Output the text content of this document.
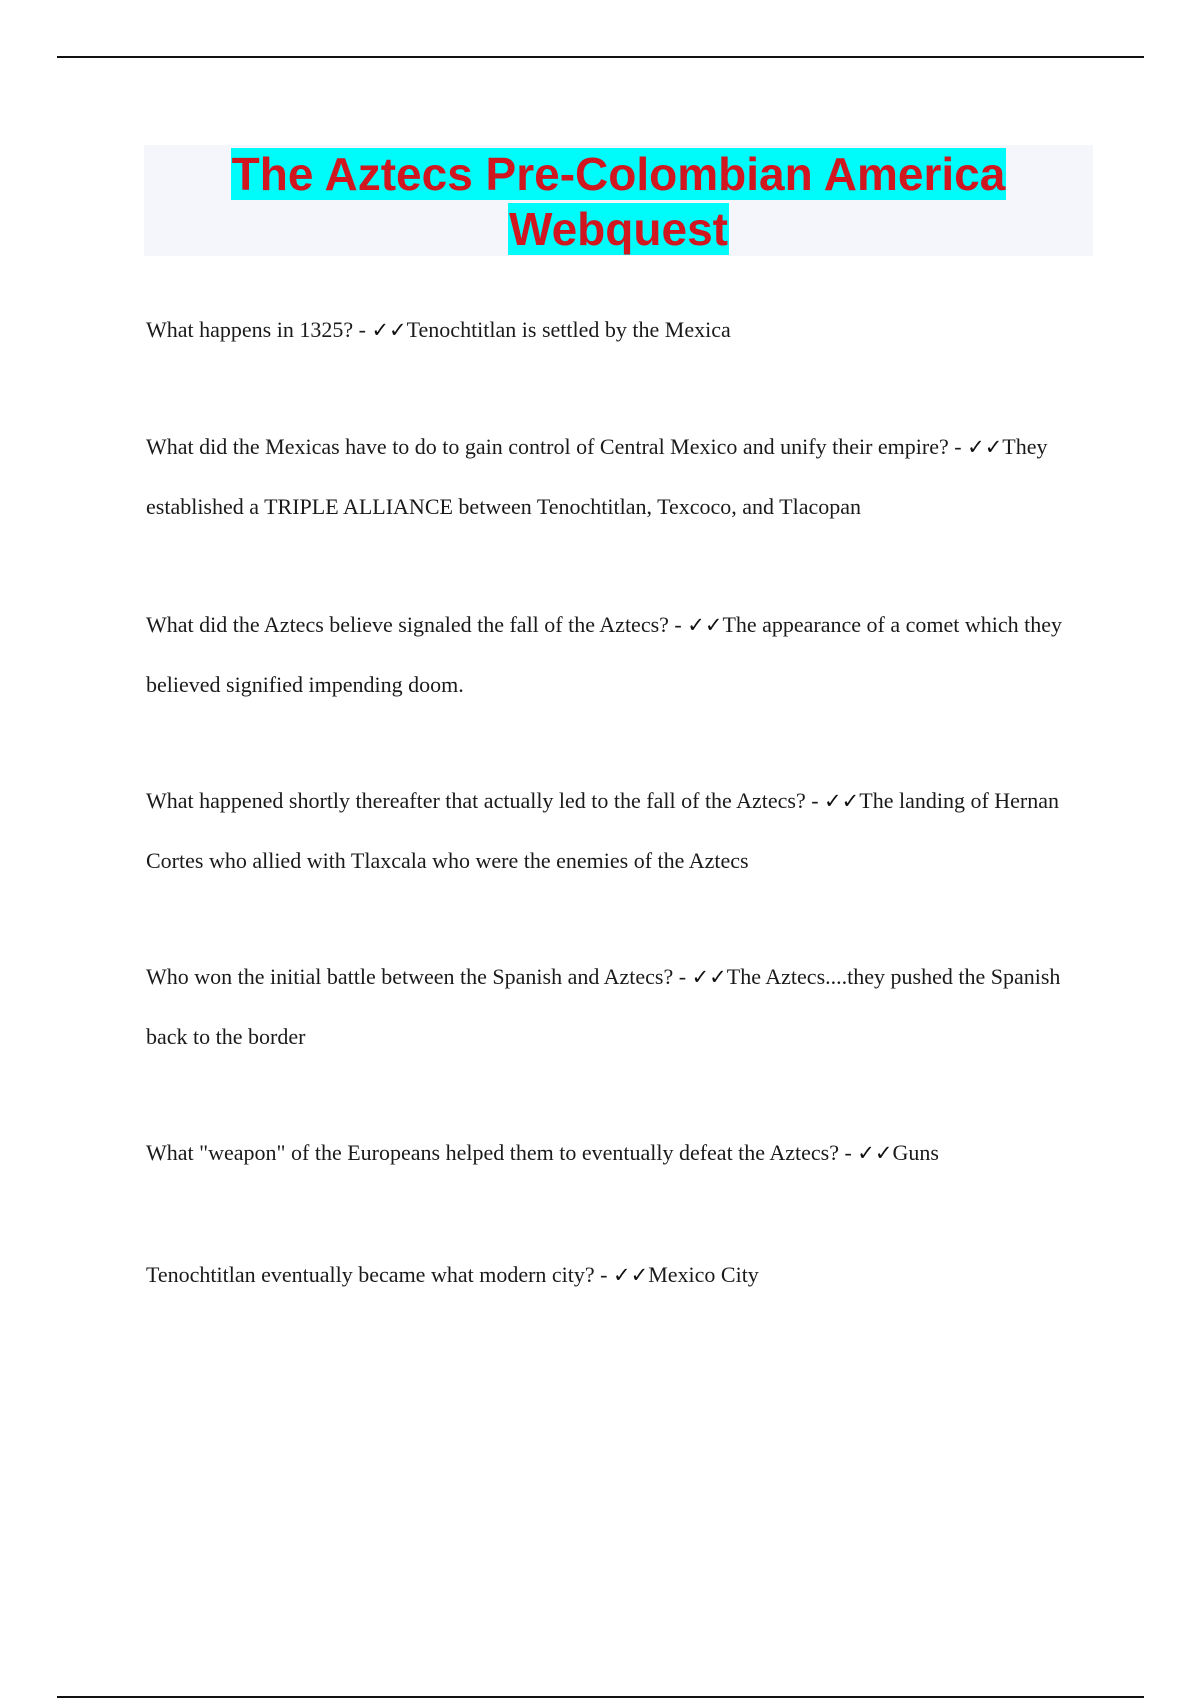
The Aztecs Pre-Colombian America
Webquest

What happens in 1325? - ✓✓Tenochtitlan is settled by the Mexica

What did the Mexicas have to do to gain control of Central Mexico and unify their empire? - ✓✓They established a TRIPLE ALLIANCE between Tenochtitlan, Texcoco, and Tlacopan

What did the Aztecs believe signaled the fall of the Aztecs? - ✓✓The appearance of a comet which they believed signified impending doom.

What happened shortly thereafter that actually led to the fall of the Aztecs? - ✓✓The landing of Hernan Cortes who allied with Tlaxcala who were the enemies of the Aztecs

Who won the initial battle between the Spanish and Aztecs? - ✓✓The Aztecs....they pushed the Spanish back to the border

What "weapon" of the Europeans helped them to eventually defeat the Aztecs? - ✓✓Guns

Tenochtitlan eventually became what modern city? - ✓✓Mexico City
